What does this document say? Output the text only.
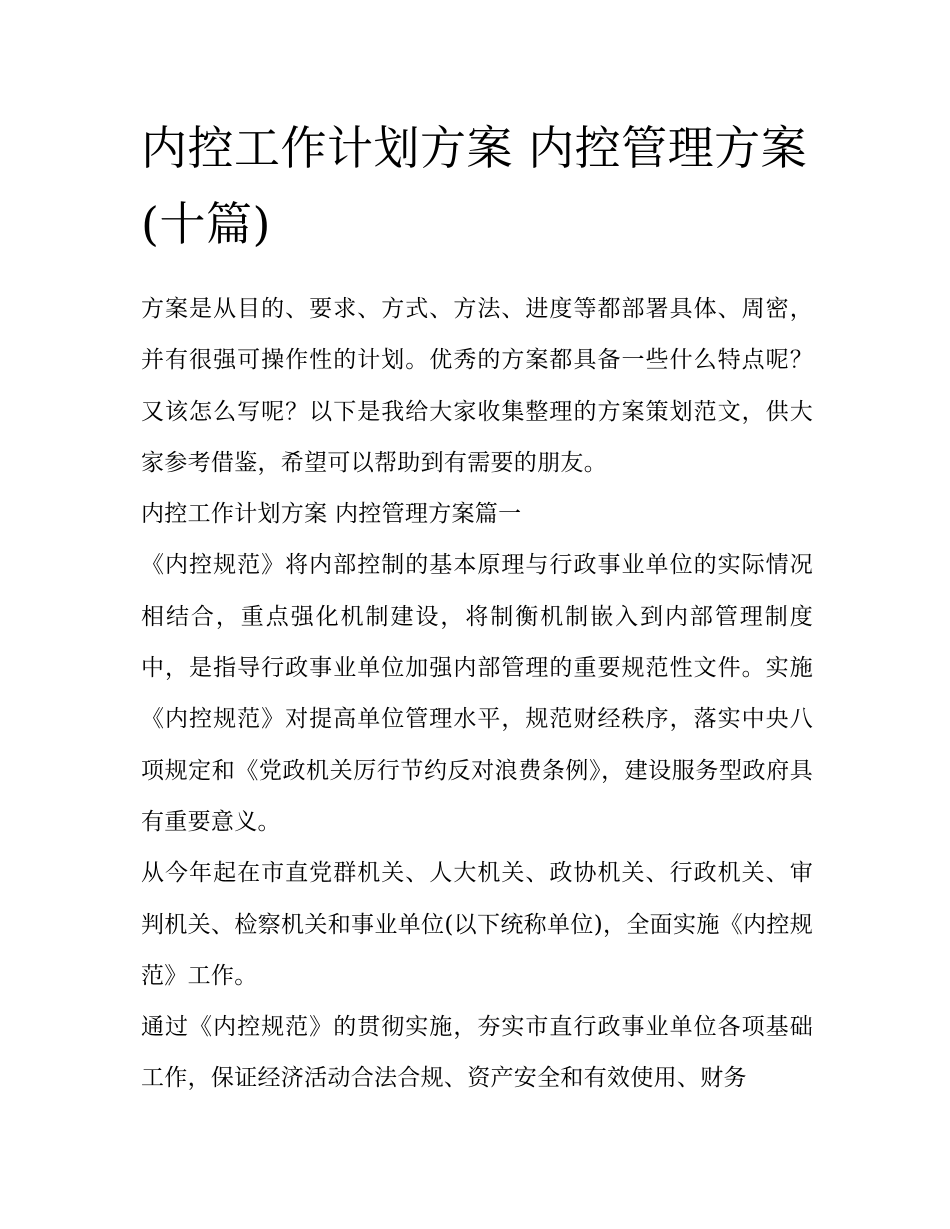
内控工作计划方案 内控管理方案(十篇)

方案是从目的、要求、方式、方法、进度等都部署具体、周密，并有很强可操作性的计划。优秀的方案都具备一些什么特点呢？又该怎么写呢？以下是我给大家收集整理的方案策划范文，供大家参考借鉴，希望可以帮助到有需要的朋友。

内控工作计划方案 内控管理方案篇一

《内控规范》将内部控制的基本原理与行政事业单位的实际情况相结合，重点强化机制建设，将制衡机制嵌入到内部管理制度中，是指导行政事业单位加强内部管理的重要规范性文件。实施《内控规范》对提高单位管理水平，规范财经秩序，落实中央八项规定和《党政机关厉行节约反对浪费条例》，建设服务型政府具有重要意义。

从今年起在市直党群机关、人大机关、政协机关、行政机关、审判机关、检察机关和事业单位(以下统称单位)，全面实施《内控规范》工作。

通过《内控规范》的贯彻实施，夯实市直行政事业单位各项基础工作，保证经济活动合法合规、资产安全和有效使用、财务
